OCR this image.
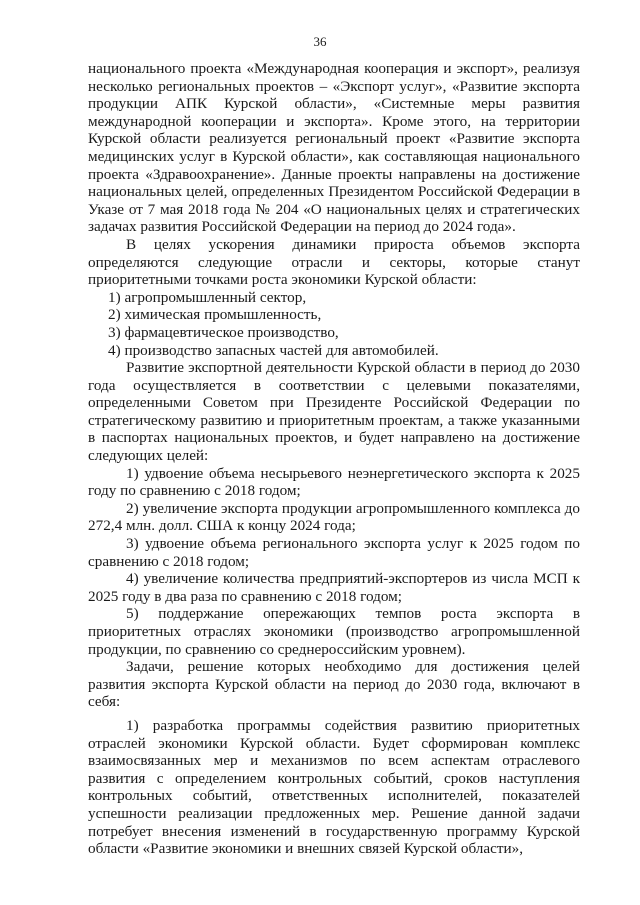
36

национального проекта «Международная кооперация и экспорт», реализуя несколько региональных проектов – «Экспорт услуг», «Развитие экспорта продукции АПК Курской области», «Системные меры развития международной кооперации и экспорта». Кроме этого, на территории Курской области реализуется региональный проект «Развитие экспорта медицинских услуг в Курской области», как составляющая национального проекта «Здравоохранение». Данные проекты направлены на достижение национальных целей, определенных Президентом Российской Федерации в Указе от 7 мая 2018 года № 204 «О национальных целях и стратегических задачах развития Российской Федерации на период до 2024 года».

В целях ускорения динамики прироста объемов экспорта определяются следующие отрасли и секторы, которые станут приоритетными точками роста экономики Курской области:

1) агропромышленный сектор,

2) химическая промышленность,

3) фармацевтическое производство,

4) производство запасных частей для автомобилей.

Развитие экспортной деятельности Курской области в период до 2030 года осуществляется в соответствии с целевыми показателями, определенными Советом при Президенте Российской Федерации по стратегическому развитию и приоритетным проектам, а также указанными в паспортах национальных проектов, и будет направлено на достижение следующих целей:

1) удвоение объема несырьевого неэнергетического экспорта к 2025 году по сравнению с 2018 годом;

2) увеличение экспорта продукции агропромышленного комплекса до 272,4 млн. долл. США к концу 2024 года;

3) удвоение объема регионального экспорта услуг к 2025 годом по сравнению с 2018 годом;

4) увеличение количества предприятий-экспортеров из числа МСП к 2025 году в два раза по сравнению с 2018 годом;

5) поддержание опережающих темпов роста экспорта в приоритетных отраслях экономики (производство агропромышленной продукции, по сравнению со среднероссийским уровнем).

Задачи, решение которых необходимо для достижения целей развития экспорта Курской области на период до 2030 года, включают в себя:

1) разработка программы содействия развитию приоритетных отраслей экономики Курской области. Будет сформирован комплекс взаимосвязанных мер и механизмов по всем аспектам отраслевого развития с определением контрольных событий, сроков наступления контрольных событий, ответственных исполнителей, показателей успешности реализации предложенных мер. Решение данной задачи потребует внесения изменений в государственную программу Курской области «Развитие экономики и внешних связей Курской области»,
